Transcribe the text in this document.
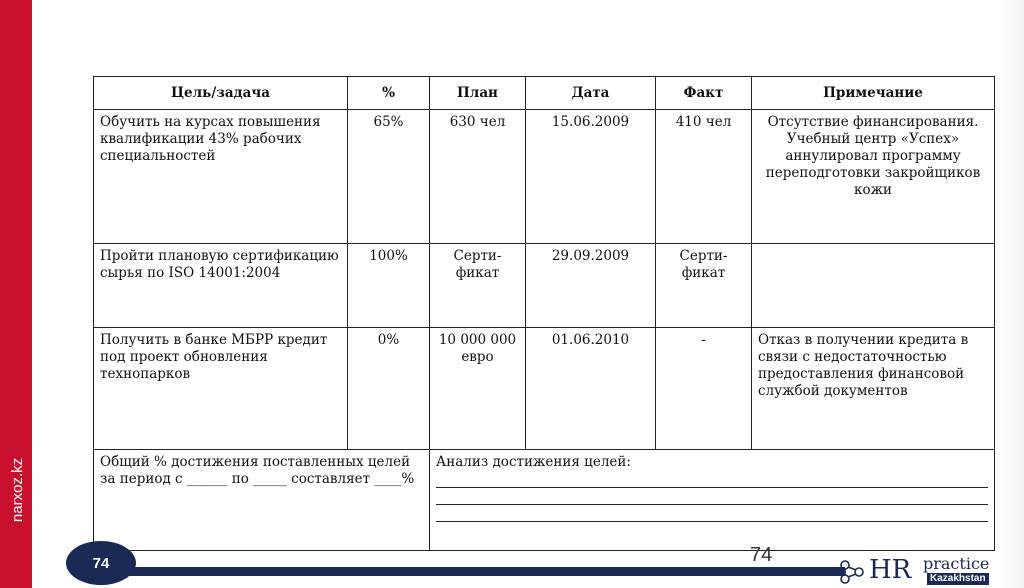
narxoz.kz
Цель/задача	%	План	Дата	Факт	Примечание
Обучить на курсах повышения квалификации 43% рабочих специальностей	65%	630 чел	15.06.2009	410 чел	Отсутствие финансирования. Учебный центр «Успех» аннулировал программу переподготовки закройщиков кожи
Пройти плановую сертификацию сырья по ISO 14001:2004	100%	Серти-фикат	29.09.2009	Серти-фикат	
Получить в банке МБРР кредит под проект обновления технопарков	0%	10 000 000 евро	01.06.2010	-	Отказ в получении кредита в связи с недостаточностью предоставления финансовой службой документов
Общий % достижения поставленных целей за период с ______ по _____ составляет ____%		Анализ достижения целей:			
74	74	HR practice
Kazakhstan
